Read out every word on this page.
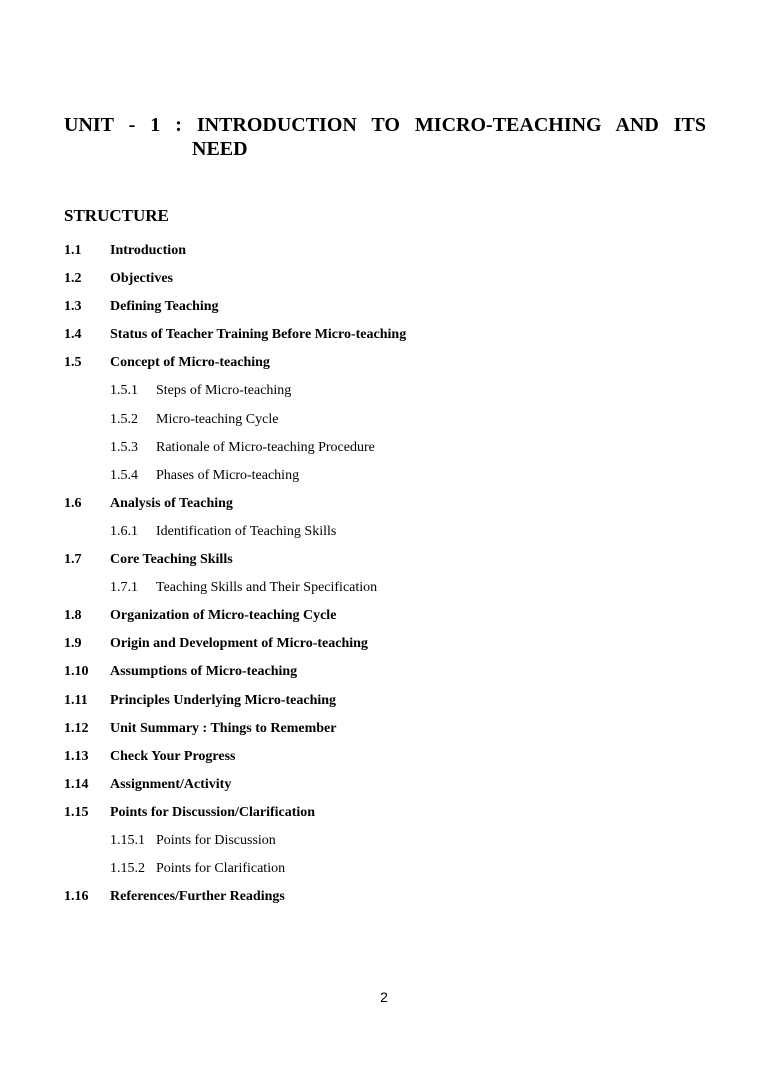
UNIT - 1 : INTRODUCTION TO MICRO-TEACHING AND ITS
NEED
STRUCTURE
1.1	Introduction
1.2	Objectives
1.3	Defining Teaching
1.4	Status of Teacher Training Before Micro-teaching
1.5	Concept of Micro-teaching
1.5.1	Steps of Micro-teaching
1.5.2	Micro-teaching Cycle
1.5.3	Rationale of Micro-teaching Procedure
1.5.4	Phases of Micro-teaching
1.6	Analysis of Teaching
1.6.1	Identification of Teaching Skills
1.7	Core Teaching Skills
1.7.1	Teaching Skills and Their Specification
1.8	Organization of Micro-teaching Cycle
1.9	Origin and Development of Micro-teaching
1.10	Assumptions of Micro-teaching
1.11	Principles Underlying Micro-teaching
1.12	Unit Summary : Things to Remember
1.13	Check Your Progress
1.14	Assignment/Activity
1.15	Points for Discussion/Clarification
1.15.1 Points for Discussion
1.15.2 Points for Clarification
1.16	References/Further Readings
2
